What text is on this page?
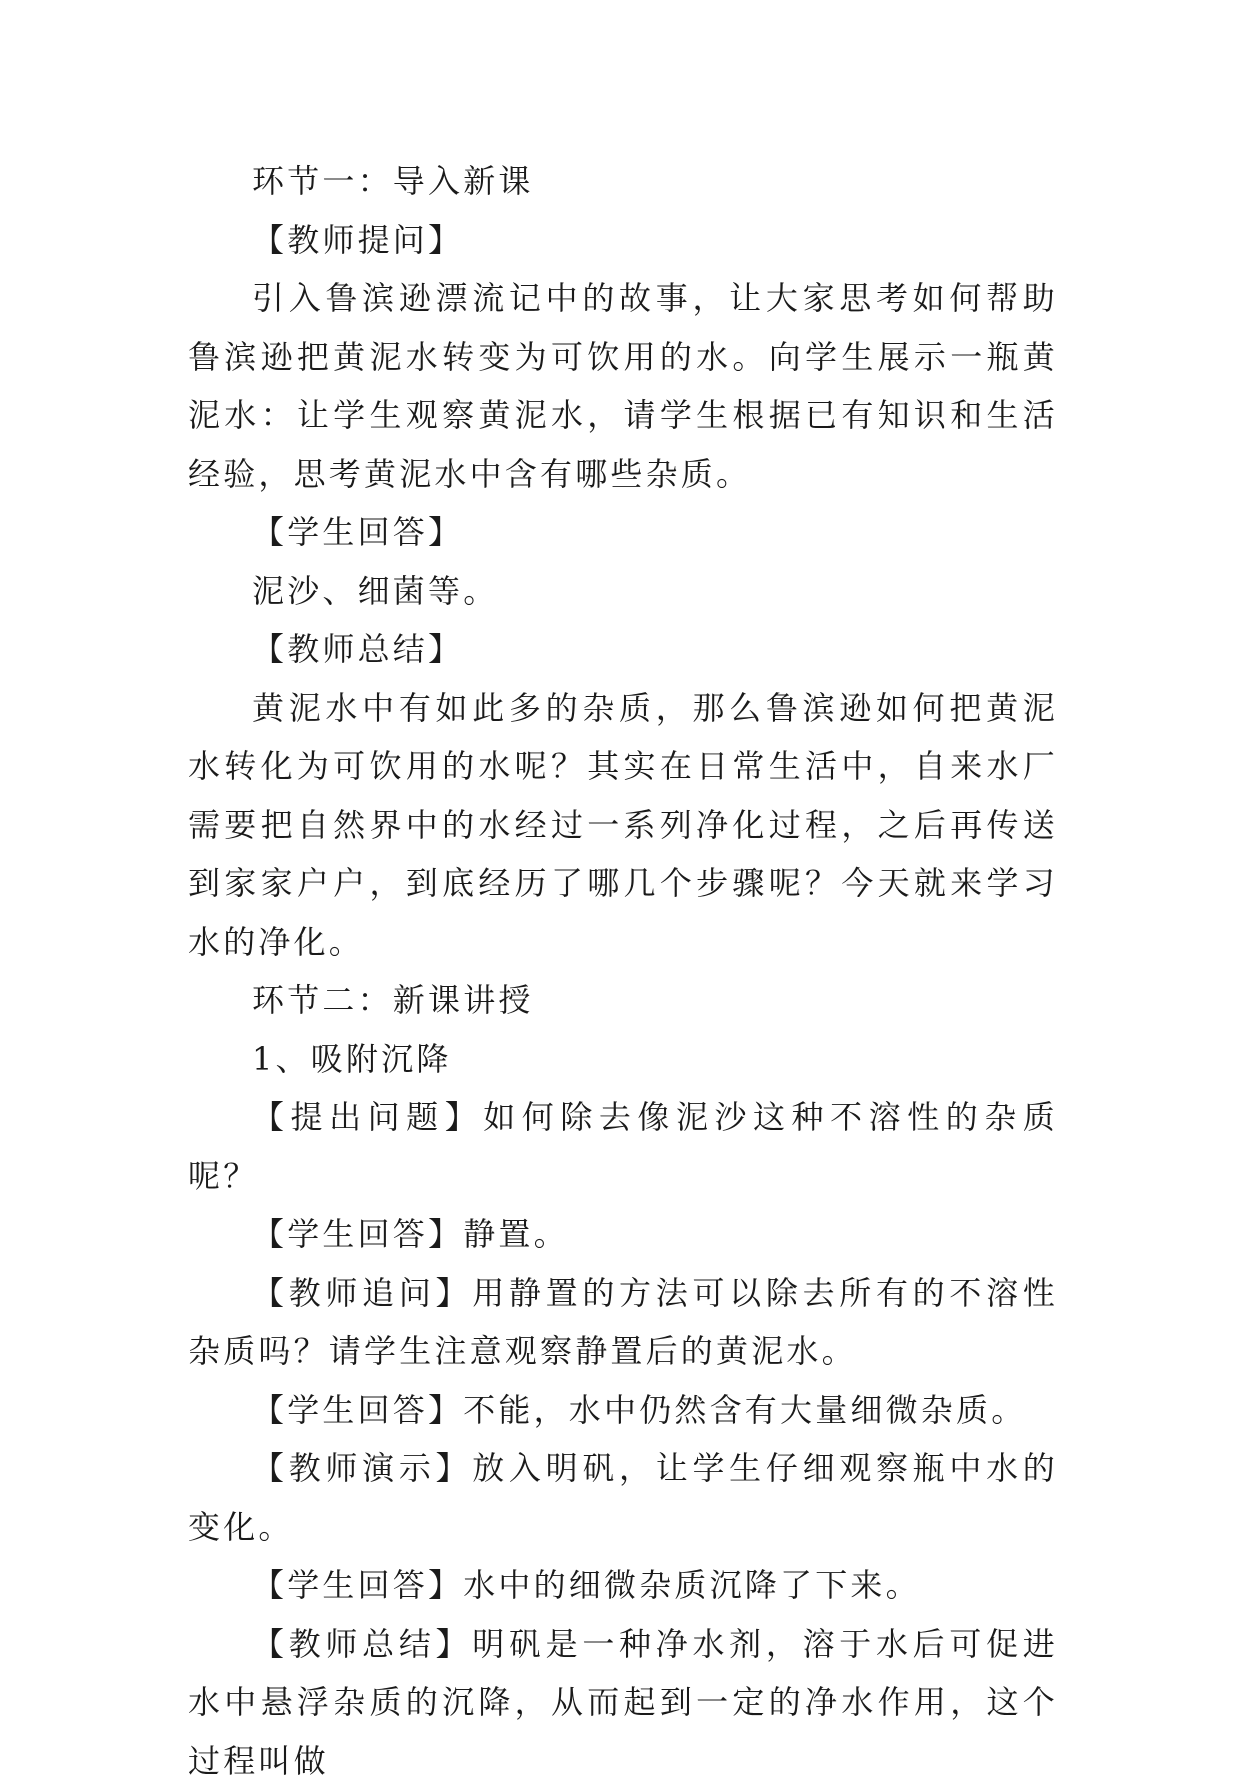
环节一：导入新课

【教师提问】

引入鲁滨逊漂流记中的故事，让大家思考如何帮助鲁滨逊把黄泥水转变为可饮用的水。向学生展示一瓶黄泥水：让学生观察黄泥水，请学生根据已有知识和生活经验，思考黄泥水中含有哪些杂质。

【学生回答】

泥沙、细菌等。

【教师总结】

黄泥水中有如此多的杂质，那么鲁滨逊如何把黄泥水转化为可饮用的水呢？其实在日常生活中，自来水厂需要把自然界中的水经过一系列净化过程，之后再传送到家家户户，到底经历了哪几个步骤呢？今天就来学习水的净化。

环节二：新课讲授

1、吸附沉降

【提出问题】如何除去像泥沙这种不溶性的杂质呢？

【学生回答】静置。

【教师追问】用静置的方法可以除去所有的不溶性杂质吗？请学生注意观察静置后的黄泥水。

【学生回答】不能，水中仍然含有大量细微杂质。

【教师演示】放入明矾，让学生仔细观察瓶中水的变化。

【学生回答】水中的细微杂质沉降了下来。

【教师总结】明矾是一种净水剂，溶于水后可促进水中悬浮杂质的沉降，从而起到一定的净水作用，这个过程叫做
